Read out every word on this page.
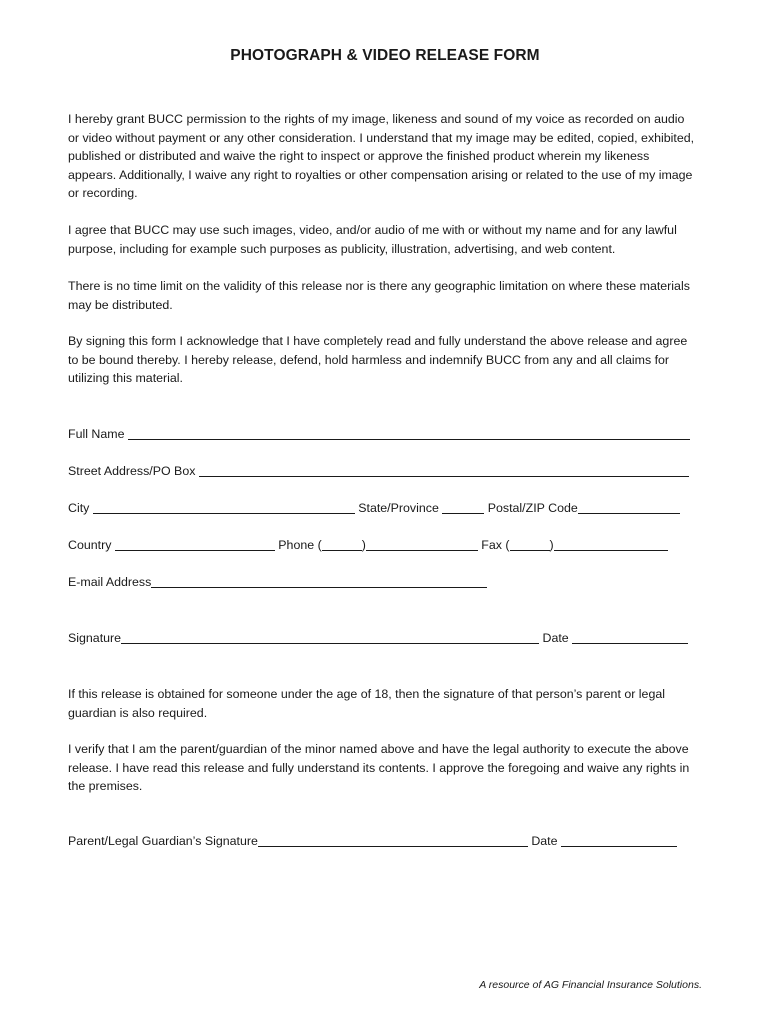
PHOTOGRAPH & VIDEO RELEASE FORM

I hereby grant BUCC permission to the rights of my image, likeness and sound of my voice as recorded on audio or video without payment or any other consideration. I understand that my image may be edited, copied, exhibited, published or distributed and waive the right to inspect or approve the finished product wherein my likeness appears. Additionally, I waive any right to royalties or other compensation arising or related to the use of my image or recording.

I agree that BUCC may use such images, video, and/or audio of me with or without my name and for any lawful purpose, including for example such purposes as publicity, illustration, advertising, and web content.

There is no time limit on the validity of this release nor is there any geographic limitation on where these materials may be distributed.

By signing this form I acknowledge that I have completely read and fully understand the above release and agree to be bound thereby. I hereby release, defend, hold harmless and indemnify BUCC from any and all claims for utilizing this material.

Full Name
Street Address/PO Box
City	State/Province	Postal/ZIP Code
Country	Phone (	)	Fax (	)
E-mail Address
Signature	Date

If this release is obtained for someone under the age of 18, then the signature of that person’s parent or legal guardian is also required.

I verify that I am the parent/guardian of the minor named above and have the legal authority to execute the above release. I have read this release and fully understand its contents. I approve the foregoing and waive any rights in the premises.

Parent/Legal Guardian’s Signature	Date
A resource of AG Financial Insurance Solutions.
